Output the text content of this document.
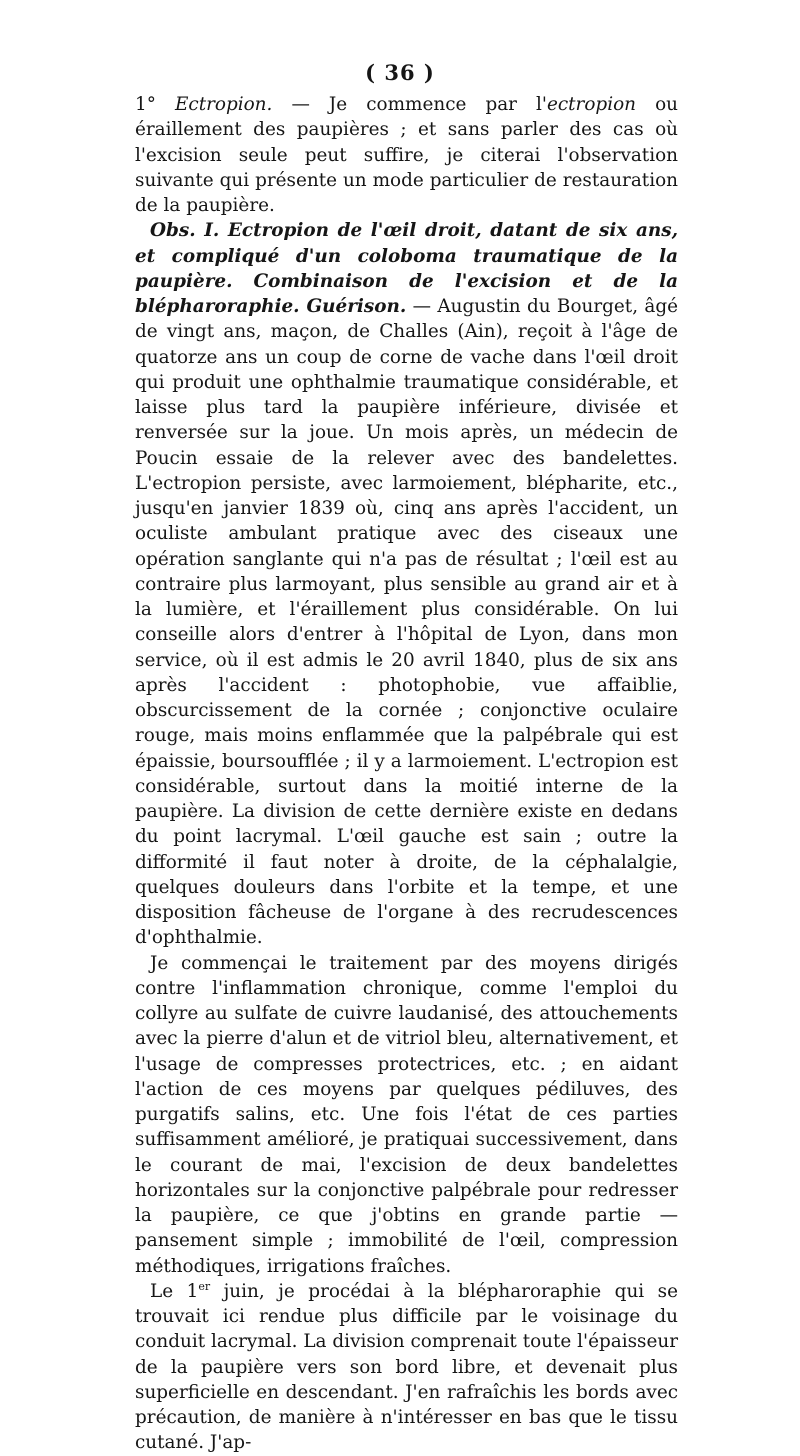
( 36 )

1° Ectropion. — Je commence par l'ectropion ou éraillement des paupières ; et sans parler des cas où l'excision seule peut suffire, je citerai l'observation suivante qui présente un mode particulier de restauration de la paupière.

Obs. I. Ectropion de l'œil droit, datant de six ans, et compliqué d'un coloboma traumatique de la paupière. Combinaison de l'excision et de la blépharoraphie. Guérison. — Augustin du Bourget, âgé de vingt ans, maçon, de Challes (Ain), reçoit à l'âge de quatorze ans un coup de corne de vache dans l'œil droit qui produit une ophthalmie traumatique considérable, et laisse plus tard la paupière inférieure, divisée et renversée sur la joue. Un mois après, un médecin de Poucin essaie de la relever avec des bandelettes. L'ectropion persiste, avec larmoiement, blépharite, etc., jusqu'en janvier 1839 où, cinq ans après l'accident, un oculiste ambulant pratique avec des ciseaux une opération sanglante qui n'a pas de résultat ; l'œil est au contraire plus larmoyant, plus sensible au grand air et à la lumière, et l'éraillement plus considérable. On lui conseille alors d'entrer à l'hôpital de Lyon, dans mon service, où il est admis le 20 avril 1840, plus de six ans après l'accident : photophobie, vue affaiblie, obscurcissement de la cornée ; conjonctive oculaire rouge, mais moins enflammée que la palpébrale qui est épaissie, boursoufflée ; il y a larmoiement. L'ectropion est considérable, surtout dans la moitié interne de la paupière. La division de cette dernière existe en dedans du point lacrymal. L'œil gauche est sain ; outre la difformité il faut noter à droite, de la céphalalgie, quelques douleurs dans l'orbite et la tempe, et une disposition fâcheuse de l'organe à des recrudescences d'ophthalmie.

Je commençai le traitement par des moyens dirigés contre l'inflammation chronique, comme l'emploi du collyre au sulfate de cuivre laudanisé, des attouchements avec la pierre d'alun et de vitriol bleu, alternativement, et l'usage de compresses protectrices, etc. ; en aidant l'action de ces moyens par quelques pédiluves, des purgatifs salins, etc. Une fois l'état de ces parties suffisamment amélioré, je pratiquai successivement, dans le courant de mai, l'excision de deux bandelettes horizontales sur la conjonctive palpébrale pour redresser la paupière, ce que j'obtins en grande partie — pansement simple ; immobilité de l'œil, compression méthodiques, irrigations fraîches.

Le 1er juin, je procédai à la blépharoraphie qui se trouvait ici rendue plus difficile par le voisinage du conduit lacrymal. La division comprenait toute l'épaisseur de la paupière vers son bord libre, et devenait plus superficielle en descendant. J'en rafraîchis les bords avec précaution, de manière à n'intéresser en bas que le tissu cutané. J'ap-
